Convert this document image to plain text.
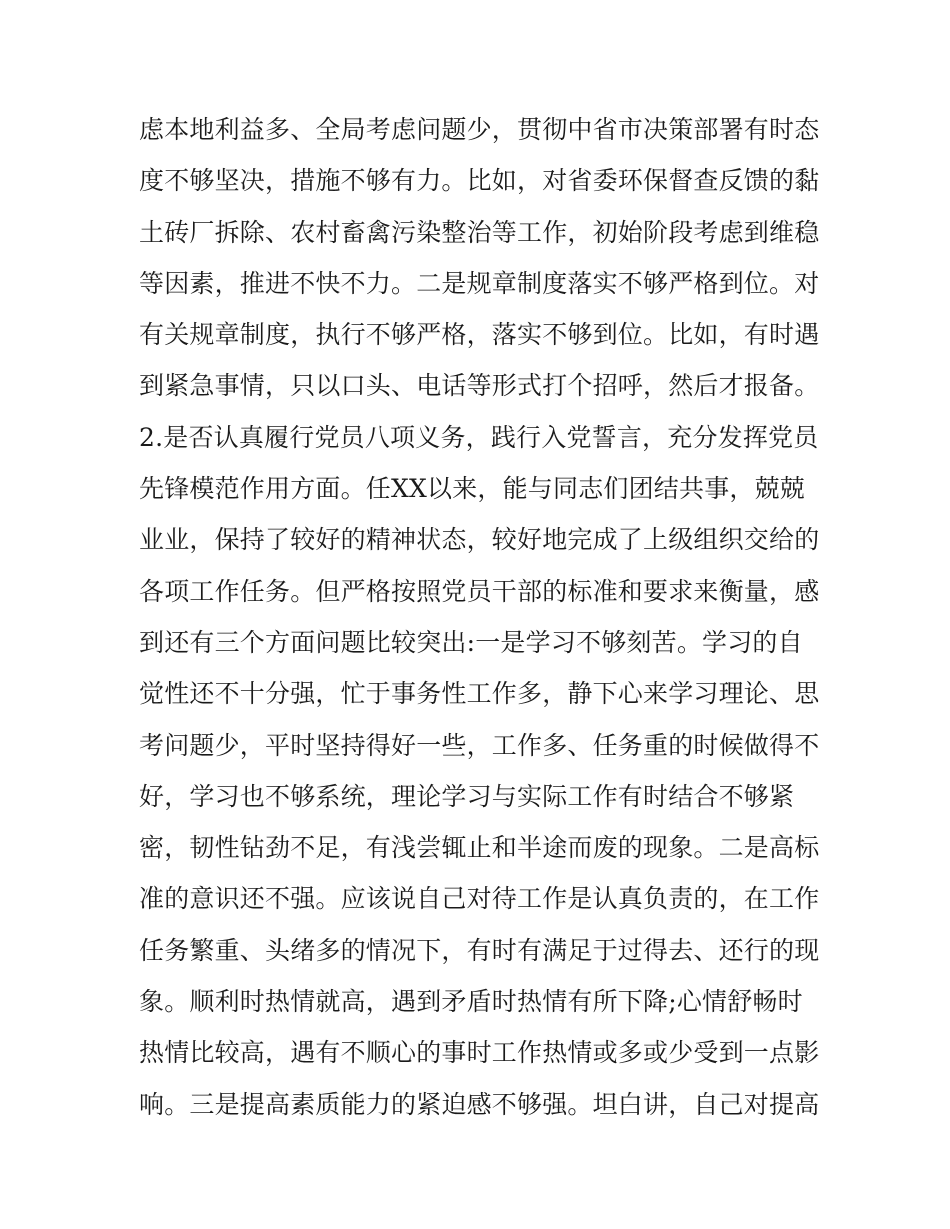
虑本地利益多、全局考虑问题少，贯彻中省市决策部署有时态
度不够坚决，措施不够有力。比如，对省委环保督查反馈的黏
土砖厂拆除、农村畜禽污染整治等工作，初始阶段考虑到维稳
等因素，推进不快不力。二是规章制度落实不够严格到位。对
有关规章制度，执行不够严格，落实不够到位。比如，有时遇
到紧急事情，只以口头、电话等形式打个招呼，然后才报备。
2.是否认真履行党员八项义务，践行入党誓言，充分发挥党员
先锋模范作用方面。任XX以来，能与同志们团结共事，兢兢
业业，保持了较好的精神状态，较好地完成了上级组织交给的
各项工作任务。但严格按照党员干部的标准和要求来衡量，感
到还有三个方面问题比较突出:一是学习不够刻苦。学习的自
觉性还不十分强，忙于事务性工作多，静下心来学习理论、思
考问题少，平时坚持得好一些，工作多、任务重的时候做得不
好，学习也不够系统，理论学习与实际工作有时结合不够紧
密，韧性钻劲不足，有浅尝辄止和半途而废的现象。二是高标
准的意识还不强。应该说自己对待工作是认真负责的，在工作
任务繁重、头绪多的情况下，有时有满足于过得去、还行的现
象。顺利时热情就高，遇到矛盾时热情有所下降;心情舒畅时
热情比较高，遇有不顺心的事时工作热情或多或少受到一点影
响。三是提高素质能力的紧迫感不够强。坦白讲，自己对提高
